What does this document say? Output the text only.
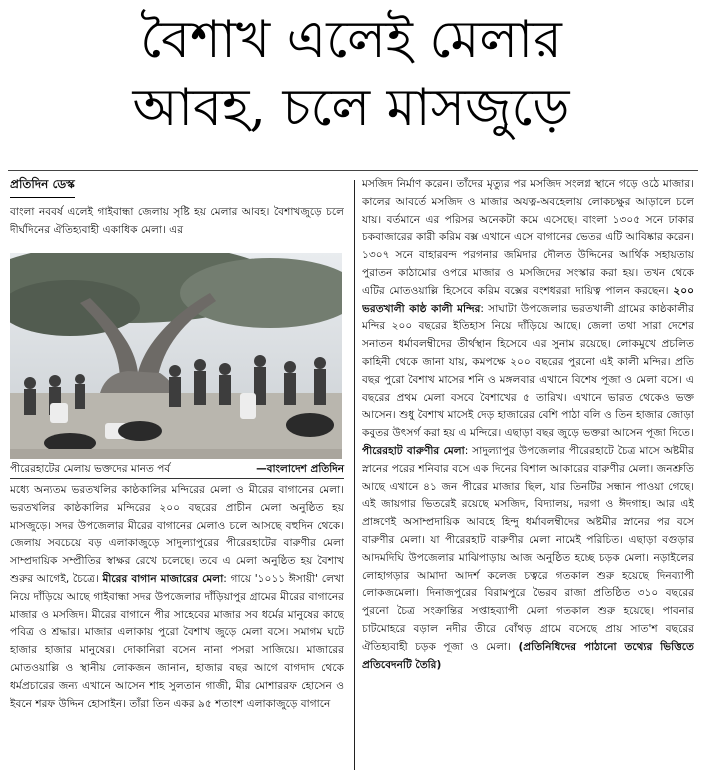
বৈশাখ এলেই মেলার
আবহ, চলে মাসজুড়ে
প্রতিদিন ডেস্ক

বাংলা নববর্ষ এলেই গাইবান্ধা জেলায় সৃষ্টি হয় মেলার আবহ। বৈশাখজুড়ে চলে দীর্ঘদিনের ঐতিহ্যবাহী একাধিক মেলা। এর

পীরেরহাটের মেলায় ভক্তদের মানত পর্ব	—বাংলাদেশ প্রতিদিন

মধ্যে অন্যতম ভরতখলির কাষ্ঠকালির মন্দিরের মেলা ও মীরের বাগানের মেলা। ভরতখলির কাষ্ঠকালির মন্দিরের ২০০ বছরের প্রাচীন মেলা অনুষ্ঠিত হয় মাসজুড়ে। সদর উপজেলার মীরের বাগানের মেলাও চলে আসছে বহুদিন থেকে। জেলায় সবচেয়ে বড় এলাকাজুড়ে সাদুল্যাপুরের পীরেরহাটের বারুণীর মেলা সাম্প্রদায়িক সম্প্রীতির স্বাক্ষর রেখে চলেছে। তবে এ মেলা অনুষ্ঠিত হয় বৈশাখ শুরুর আগেই, চৈত্রে। মীরের বাগান মাজারের মেলা: গায়ে '১০১১ ঈসায়ী' লেখা নিয়ে দাঁড়িয়ে আছে গাইবান্ধা সদর উপজেলার দাঁড়িয়াপুর গ্রামের মীরের বাগানের মাজার ও মসজিদ। মীরের বাগানে পীর সাহেবের মাজার সব ধর্মের মানুষের কাছে পবিত্র ও শ্রদ্ধার। মাজার এলাকায় পুরো বৈশাখ জুড়ে মেলা বসে। সমাগম ঘটে হাজার হাজার মানুষের। দোকানিরা বসেন নানা পসরা সাজিয়ে। মাজারের মোতওয়াল্লি ও স্থানীয় লোকজন জানান, হাজার বছর আগে বাগদাদ থেকে ধর্মপ্রচারের জন্য এখানে আসেন শাহ সুলতান গাজী, মীর মোশাররফ হোসেন ও ইবনে শরফ উদ্দিন হোসাইন। তাঁরা তিন একর ৯৫ শতাংশ এলাকাজুড়ে বাগানে

মসজিদ নির্মাণ করেন। তাঁদের মৃত্যুর পর মসজিদ সংলগ্ন স্থানে গড়ে ওঠে মাজার। কালের আবর্তে মসজিদ ও মাজার অযত্ন-অবহেলায় লোকচক্ষুর আড়ালে চলে যায়। বর্তমানে এর পরিসর অনেকটা কমে এসেছে। বাংলা ১৩০৫ সনে ঢাকার চকবাজারের কারী করিম বক্স এখানে এসে বাগানের ভেতর এটি আবিষ্কার করেন। ১৩০৭ সনে বাহারবন্দ পরগনার জমিদার দৌলত উদ্দিনের আর্থিক সহায়তায় পুরাতন কাঠামোর ওপরে মাজার ও মসজিদের সংস্কার করা হয়। তখন থেকে এটির মোতওয়াল্লি হিসেবে করিম বক্সের বংশধররা দায়িত্ব পালন করছেন। ২০০ ভরতখালী কাষ্ঠ কালী মন্দির: সাঘাটা উপজেলার ভরতখালী গ্রামের কাষ্ঠকালীর মন্দির ২০০ বছরের ইতিহাস নিয়ে দাঁড়িয়ে আছে। জেলা তথা সারা দেশের সনাতন ধর্মাবলম্বীদের তীর্থস্থান হিসেবে এর সুনাম রয়েছে। লোকমুখে প্রচলিত কাহিনী থেকে জানা যায়, কমপক্ষে ২০০ বছরের পুরনো এই কালী মন্দির। প্রতি বছর পুরো বৈশাখ মাসের শনি ও মঙ্গলবার এখানে বিশেষ পূজা ও মেলা বসে। এ বছরের প্রথম মেলা বসবে বৈশাখের ৫ তারিখ। এখানে ভারত থেকেও ভক্ত আসেন। শুধু বৈশাখ মাসেই দেড় হাজারের বেশি পাঠা বলি ও তিন হাজার জোড়া কবুতর উৎসর্গ করা হয় এ মন্দিরে। এছাড়া বছর জুড়ে ভক্তরা আসেন পূজা দিতে।

পীরেরহাট বারুণীর মেলা: সাদুল্যাপুর উপজেলার পীরেরহাটে চৈত্র মাসে অষ্টমীর স্নানের পরের শনিবার বসে এক দিনের বিশাল আকারের বারুণীর মেলা। জনশ্রুতি আছে এখানে ৪১ জন পীরের মাজার ছিল, যার তিনটির সন্ধান পাওয়া গেছে। এই জায়গার ভিতরেই রয়েছে মসজিদ, বিদ্যালয়, দরগা ও ঈদগাহ। আর এই প্রাঙ্গণেই অসাম্প্রদায়িক আবহে হিন্দু ধর্মাবলম্বীদের অষ্টমীর স্নানের পর বসে বারুণীর মেলা। যা পীরেরহাট বারুণীর মেলা নামেই পরিচিত। এছাড়া বগুড়ার আদমদিঘি উপজেলার মাঝিপাড়ায় আজ অনুষ্ঠিত হচ্ছে চড়ক মেলা। নড়াইলের লোহাগড়ার আমাদা আদর্শ কলেজ চত্বরে গতকাল শুরু হয়েছে দিনব্যাপী লোকজমেলা। দিনাজপুরের বিরামপুরে ভৈরব রাজা প্রতিষ্ঠিত ৩১০ বছরের পুরনো চৈত্র সংক্রান্তির সপ্তাহব্যাপী মেলা গতকাল শুরু হয়েছে। পাবনার চাটমোহরে বড়াল নদীর তীরে বোঁথড় গ্রামে বসেছে প্রায় সাত'শ বছরের ঐতিহ্যবাহী চড়ক পূজা ও মেলা। (প্রতিনিধিদের পাঠানো তথ্যের ভিত্তিতে প্রতিবেদনটি তৈরি)
